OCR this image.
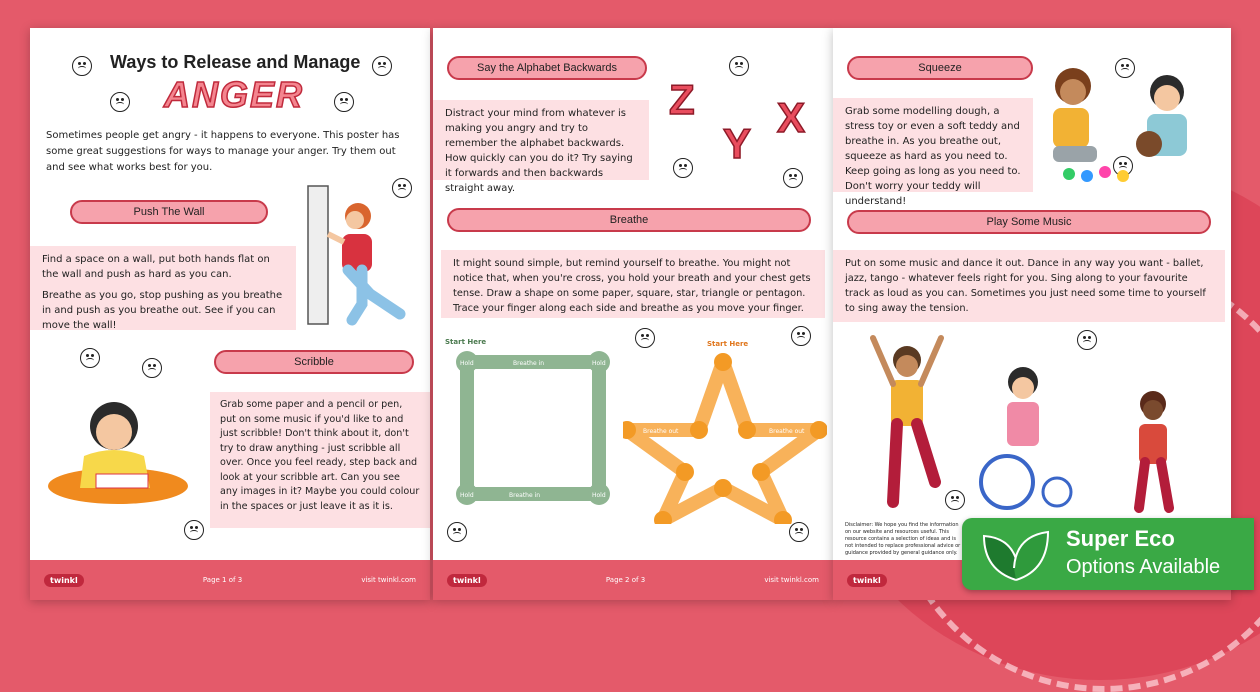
Ways to Release and Manage
ANGER
Sometimes people get angry - it happens to everyone. This poster has some great suggestions for ways to manage your anger. Try them out and see what works best for you.
Push The Wall
Find a space on a wall, put both hands flat on the wall and push as hard as you can.
Breathe as you go, stop pushing as you breathe in and push as you breathe out. See if you can move the wall!
Scribble
Grab some paper and a pencil or pen, put on some music if you'd like to and just scribble! Don't think about it, don't try to draw anything - just scribble all over. Once you feel ready, step back and look at your scribble art. Can you see any images in it? Maybe you could colour in the spaces or just leave it as it is.
twinkl	Page 1 of 3	visit twinkl.com
Say the Alphabet Backwards
Distract your mind from whatever is making you angry and try to remember the alphabet backwards. How quickly can you do it? Try saying it forwards and then backwards straight away.
Z
Y
X
Breathe
It might sound simple, but remind yourself to breathe. You might not notice that, when you're cross, you hold your breath and your chest gets tense. Draw a shape on some paper, square, star, triangle or pentagon. Trace your finger along each side and breathe as you move your finger.
Start Here
Hold	Hold
Hold	Hold
Breathe in
Breathe in
Start Here
Breathe out
Breathe out
twinkl	Page 2 of 3	visit twinkl.com
Squeeze
Grab some modelling dough, a stress toy or even a soft teddy and breathe in. As you breathe out, squeeze as hard as you need to. Keep going as long as you need to. Don't worry your teddy will understand!
Play Some Music
Put on some music and dance it out. Dance in any way you want - ballet, jazz, tango - whatever feels right for you. Sing along to your favourite track as loud as you can. Sometimes you just need some time to yourself to sing away the tension.
Disclaimer: We hope you find the information on our website and resources useful. This resource contains a selection of ideas and is not intended to replace professional advice or guidance provided by general guidance only.
twinkl
Super Eco
Options Available
